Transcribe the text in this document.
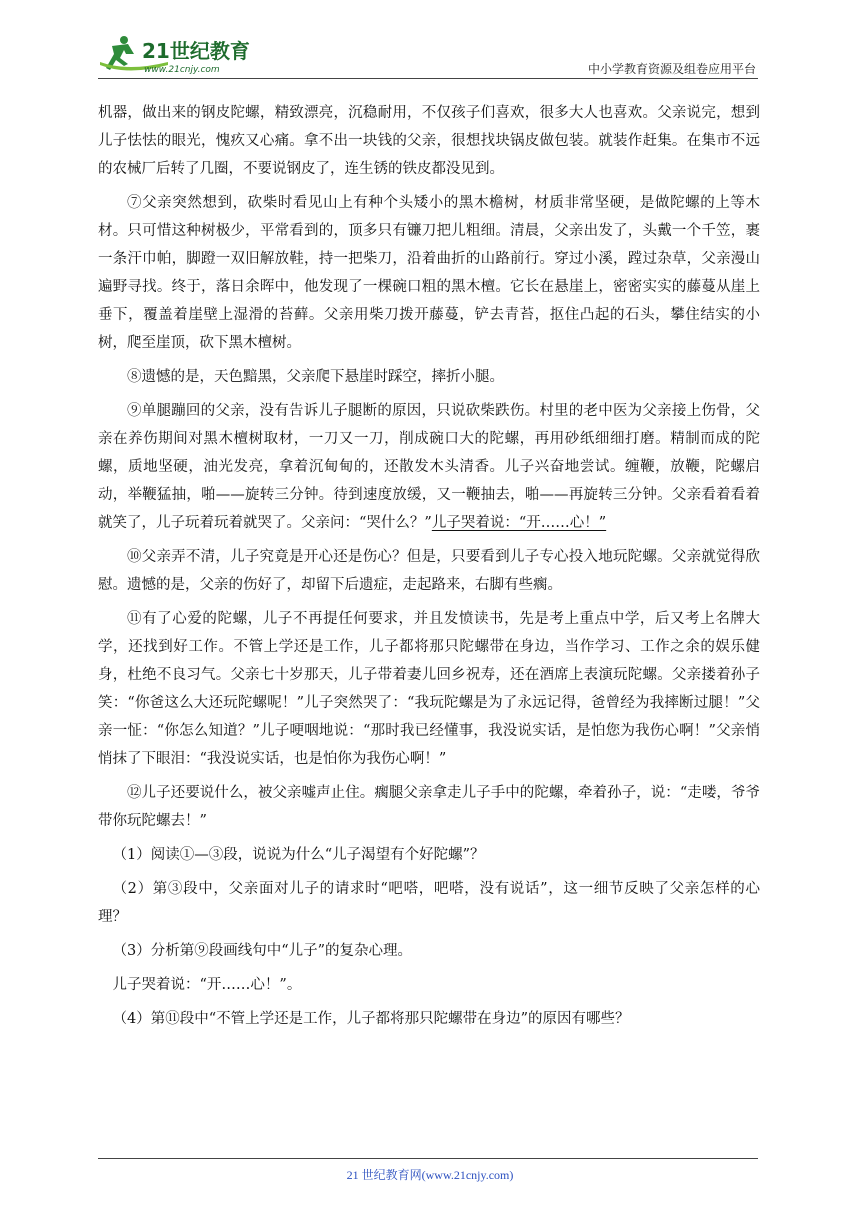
21世纪教育
www.21cnjy.com	中小学教育资源及组卷应用平台

机器，做出来的钢皮陀螺，精致漂亮，沉稳耐用，不仅孩子们喜欢，很多大人也喜欢。父亲说完，想到儿子怯怯的眼光，愧疚又心痛。拿不出一块钱的父亲，很想找块锅皮做包装。就装作赶集。在集市不远的农械厂后转了几圈，不要说钢皮了，连生锈的铁皮都没见到。

⑦父亲突然想到，砍柴时看见山上有种个头矮小的黑木檐树，材质非常坚硬，是做陀螺的上等木材。只可惜这种树极少，平常看到的，顶多只有镰刀把儿粗细。清晨，父亲出发了，头戴一个千笠，裹一条汗巾帕，脚蹬一双旧解放鞋，持一把柴刀，沿着曲折的山路前行。穿过小溪，蹚过杂草，父亲漫山遍野寻找。终于，落日余晖中，他发现了一棵碗口粗的黑木檀。它长在悬崖上，密密实实的藤蔓从崖上垂下，覆盖着崖壁上湿滑的苔藓。父亲用柴刀拨开藤蔓，铲去青苔，抠住凸起的石头，攀住结实的小树，爬至崖顶，砍下黑木檀树。

⑧遗憾的是，天色黯黑，父亲爬下悬崖时踩空，摔折小腿。

⑨单腿蹦回的父亲，没有告诉儿子腿断的原因，只说砍柴跌伤。村里的老中医为父亲接上伤骨，父亲在养伤期间对黑木檀树取材，一刀又一刀，削成碗口大的陀螺，再用砂纸细细打磨。精制而成的陀螺，质地坚硬，油光发亮，拿着沉甸甸的，还散发木头清香。儿子兴奋地尝试。缠鞭，放鞭，陀螺启动，举鞭猛抽，啪——旋转三分钟。待到速度放缓，又一鞭抽去，啪——再旋转三分钟。父亲看着看着就笑了，儿子玩着玩着就哭了。父亲问：“哭什么？”儿子哭着说：“开……心！”

⑩父亲弄不清，儿子究竟是开心还是伤心？但是，只要看到儿子专心投入地玩陀螺。父亲就觉得欣慰。遗憾的是，父亲的伤好了，却留下后遗症，走起路来，右脚有些瘸。

⑪有了心爱的陀螺，儿子不再提任何要求，并且发愤读书，先是考上重点中学，后又考上名牌大学，还找到好工作。不管上学还是工作，儿子都将那只陀螺带在身边，当作学习、工作之余的娱乐健身，杜绝不良习气。父亲七十岁那天，儿子带着妻儿回乡祝寿，还在酒席上表演玩陀螺。父亲搂着孙子笑：“你爸这么大还玩陀螺呢！”儿子突然哭了：“我玩陀螺是为了永远记得，爸曾经为我摔断过腿！”父亲一怔：“你怎么知道？”儿子哽咽地说：“那时我已经懂事，我没说实话，是怕您为我伤心啊！”父亲悄悄抹了下眼泪：“我没说实话，也是怕你为我伤心啊！”

⑫儿子还要说什么，被父亲嘘声止住。瘸腿父亲拿走儿子手中的陀螺，牵着孙子，说：“走喽，爷爷带你玩陀螺去！”

（1）阅读①—③段，说说为什么“儿子渴望有个好陀螺”？

（2）第③段中，父亲面对儿子的请求时“吧嗒，吧嗒，没有说话”，这一细节反映了父亲怎样的心理？

（3）分析第⑨段画线句中“儿子”的复杂心理。

儿子哭着说：“开……心！”。

（4）第⑪段中“不管上学还是工作，儿子都将那只陀螺带在身边”的原因有哪些？

21 世纪教育网(www.21cnjy.com)
